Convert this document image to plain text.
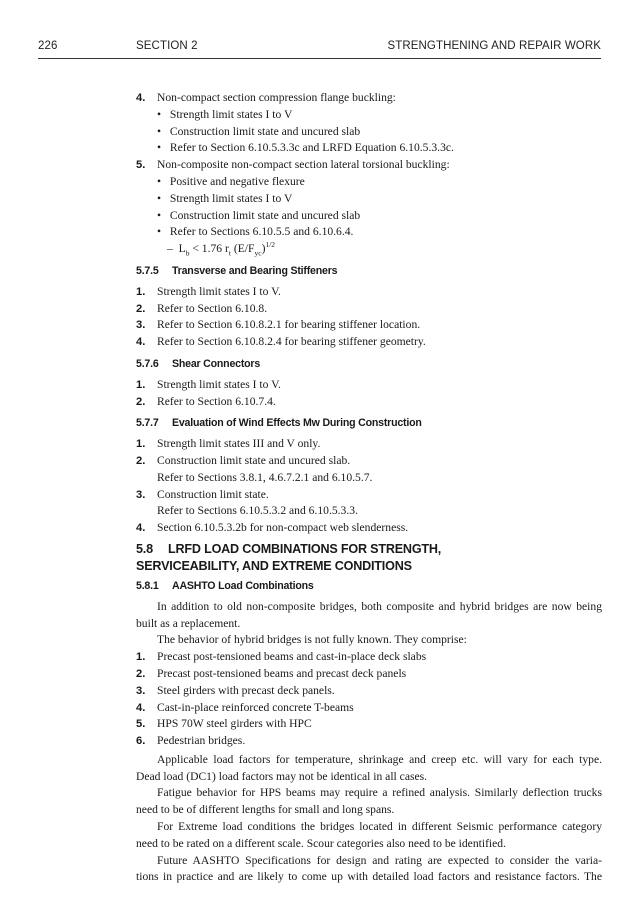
226	SECTION 2	STRENGTHENING AND REPAIR WORK
4. Non-compact section compression flange buckling:
• Strength limit states I to V
• Construction limit state and uncured slab
• Refer to Section 6.10.5.3.3c and LRFD Equation 6.10.5.3.3c.
5. Non-composite non-compact section lateral torsional buckling:
• Positive and negative flexure
• Strength limit states I to V
• Construction limit state and uncured slab
• Refer to Sections 6.10.5.5 and 6.10.6.4.
– $L_b < 1.76$ $r_t$ $(E/F_{yc})^{1/2}$
5.7.5 Transverse and Bearing Stiffeners
1. Strength limit states I to V.
2. Refer to Section 6.10.8.
3. Refer to Section 6.10.8.2.1 for bearing stiffener location.
4. Refer to Section 6.10.8.2.4 for bearing stiffener geometry.
5.7.6 Shear Connectors
1. Strength limit states I to V.
2. Refer to Section 6.10.7.4.
5.7.7 Evaluation of Wind Effects Mw During Construction
1. Strength limit states III and V only.
2. Construction limit state and uncured slab.
Refer to Sections 3.8.1, 4.6.7.2.1 and 6.10.5.7.
3. Construction limit state.
Refer to Sections 6.10.5.3.2 and 6.10.5.3.3.
4. Section 6.10.5.3.2b for non-compact web slenderness.
5.8 LRFD LOAD COMBINATIONS FOR STRENGTH,
SERVICEABILITY, AND EXTREME CONDITIONS
5.8.1 AASHTO Load Combinations
In addition to old non-composite bridges, both composite and hybrid bridges are now being
built as a replacement.
The behavior of hybrid bridges is not fully known. They comprise:
1. Precast post-tensioned beams and cast-in-place deck slabs
2. Precast post-tensioned beams and precast deck panels
3. Steel girders with precast deck panels.
4. Cast-in-place reinforced concrete T-beams
5. HPS 70W steel girders with HPC
6. Pedestrian bridges.
Applicable load factors for temperature, shrinkage and creep etc. will vary for each type.
Dead load (DC1) load factors may not be identical in all cases.
Fatigue behavior for HPS beams may require a refined analysis. Similarly deflection trucks
need to be of different lengths for small and long spans.
For Extreme load conditions the bridges located in different Seismic performance category
need to be rated on a different scale. Scour categories also need to be identified.
Future AASHTO Specifications for design and rating are expected to consider the varia-
tions in practice and are likely to come up with detailed load factors and resistance factors. The
